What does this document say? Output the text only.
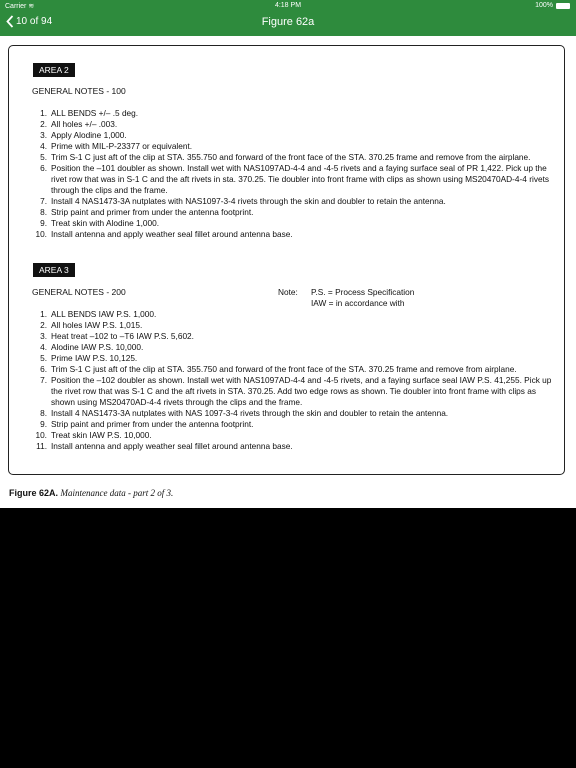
Carrier ≋	4:18 PM	100%
10 of 94	Figure 62a
AREA 2
GENERAL NOTES - 100
1. ALL BENDS +/– .5 deg.
2. All holes +/– .003.
3. Apply Alodine 1,000.
4. Prime with MIL-P-23377 or equivalent.
5. Trim S-1 C just aft of the clip at STA. 355.750 and forward of the front face of the STA. 370.25 frame and remove from the airplane.
6. Position the –101 doubler as shown. Install wet with NAS1097AD-4-4 and -4-5 rivets and a faying surface seal of PR 1,422. Pick up the rivet row that was in S-1 C and the aft rivets in sta. 370.25. Tie doubler into front frame with clips as shown using MS20470AD-4-4 rivets through the clips and the frame.
7. Install 4 NAS1473-3A nutplates with NAS1097-3-4 rivets through the skin and doubler to retain the antenna.
8. Strip paint and primer from under the antenna footprint.
9. Treat skin with Alodine 1,000.
10. Install antenna and apply weather seal fillet around antenna base.
AREA 3
GENERAL NOTES - 200	Note: P.S. = Process Specification
IAW = in accordance with
1. ALL BENDS IAW P.S. 1,000.
2. All holes IAW P.S. 1,015.
3. Heat treat –102 to –T6 IAW P.S. 5,602.
4. Alodine IAW P.S. 10,000.
5. Prime IAW P.S. 10,125.
6. Trim S-1 C just aft of the clip at STA. 355.750 and forward of the front face of the STA. 370.25 frame and remove from airplane.
7. Position the –102 doubler as shown. Install wet with NAS1097AD-4-4 and -4-5 rivets, and a faying surface seal IAW P.S. 41,255. Pick up the rivet row that was S-1 C and the aft rivets in STA. 370.25. Add two edge rows as shown. Tie doubler into front frame with clips as shown using MS20470AD-4-4 rivets through the clips and the frame.
8. Install 4 NAS1473-3A nutplates with NAS 1097-3-4 rivets through the skin and doubler to retain the antenna.
9. Strip paint and primer from under the antenna footprint.
10. Treat skin IAW P.S. 10,000.
11. Install antenna and apply weather seal fillet around antenna base.
Figure 62A. Maintenance data - part 2 of 3.
